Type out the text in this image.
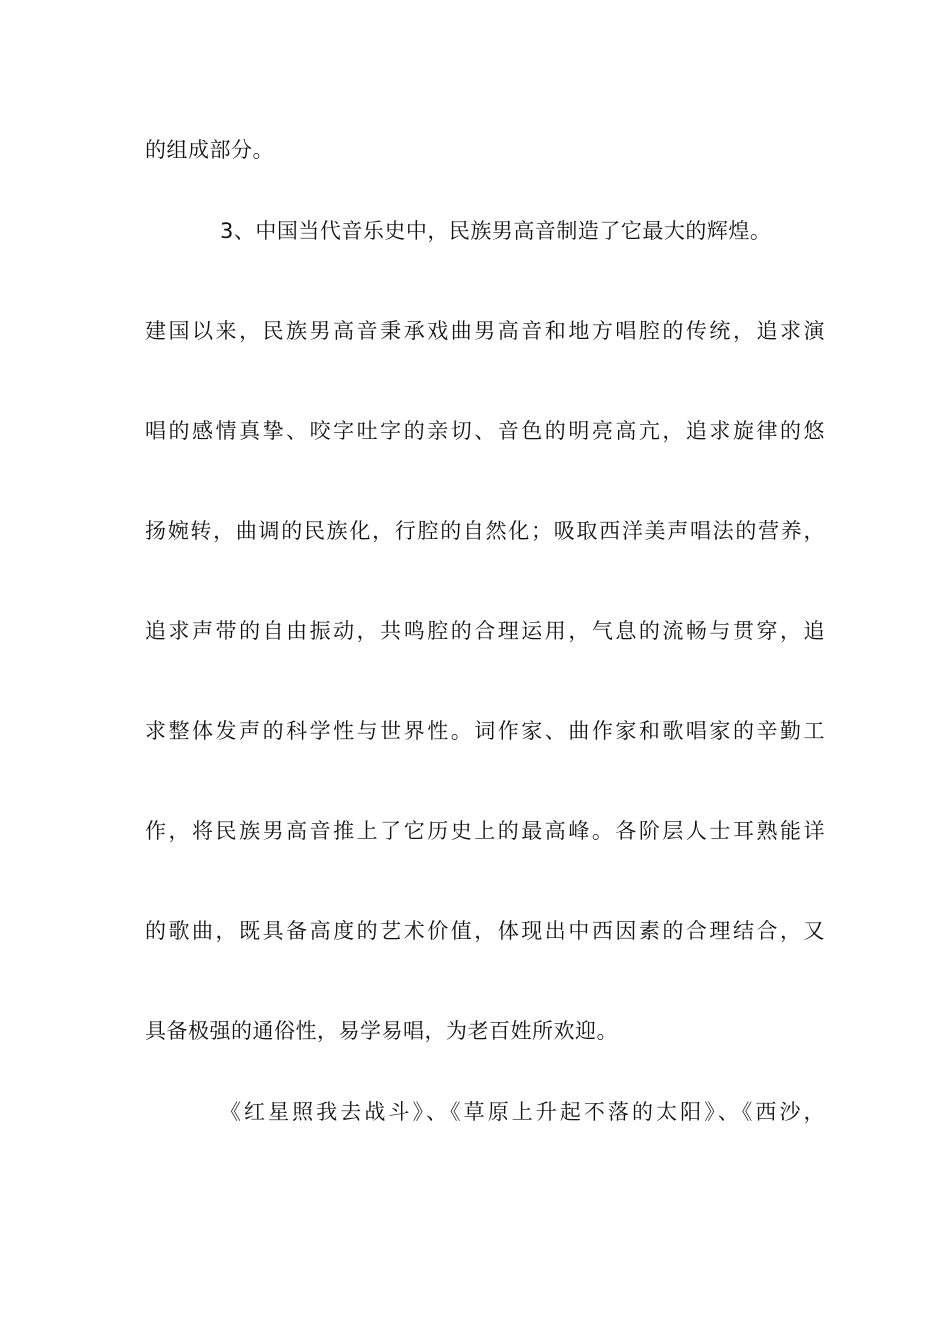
的组成部分。
3、中国当代音乐史中，民族男高音制造了它最大的辉煌。
建国以来，民族男高音秉承戏曲男高音和地方唱腔的传统，追求演
唱的感情真挚、咬字吐字的亲切、音色的明亮高亢，追求旋律的悠
扬婉转，曲调的民族化，行腔的自然化；吸取西洋美声唱法的营养，
追求声带的自由振动，共鸣腔的合理运用，气息的流畅与贯穿，追
求整体发声的科学性与世界性。词作家、曲作家和歌唱家的辛勤工
作，将民族男高音推上了它历史上的最高峰。各阶层人士耳熟能详
的歌曲，既具备高度的艺术价值，体现出中西因素的合理结合，又
具备极强的通俗性，易学易唱，为老百姓所欢迎。
《红星照我去战斗》、《草原上升起不落的太阳》、《西沙，
